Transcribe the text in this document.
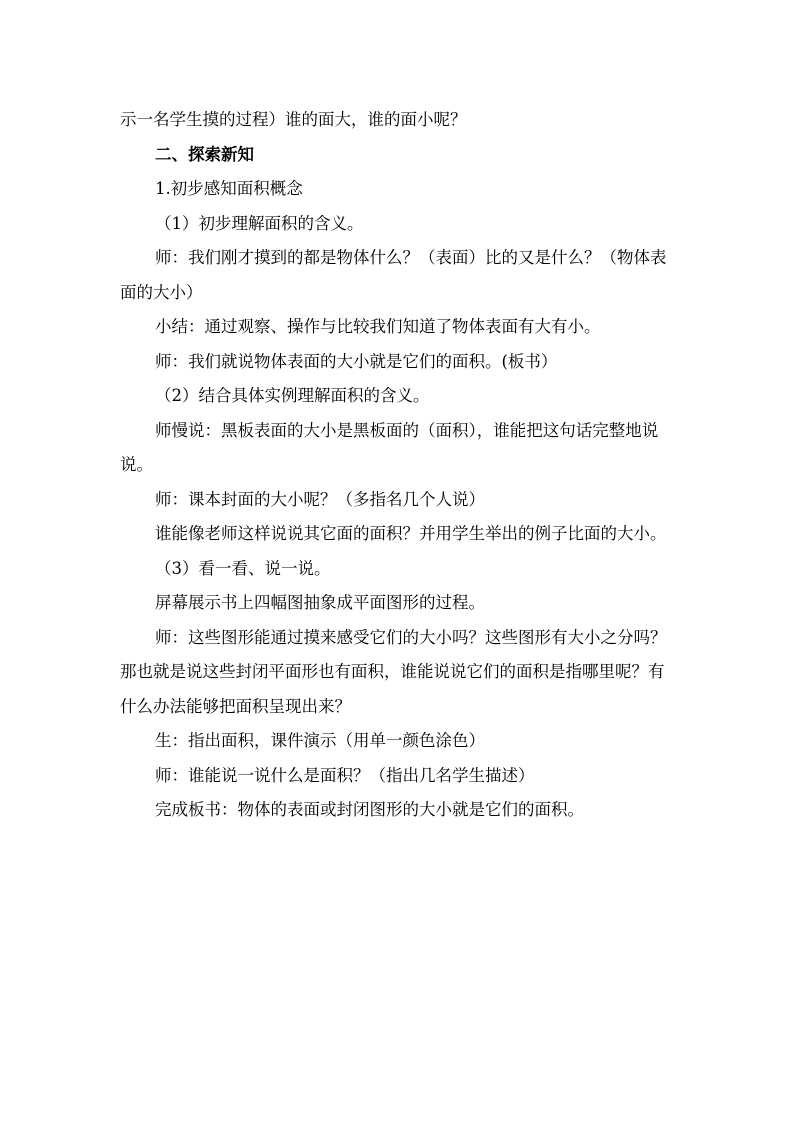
示一名学生摸的过程）谁的面大，谁的面小呢？

二、探索新知

1.初步感知面积概念

（1）初步理解面积的含义。

师：我们刚才摸到的都是物体什么？（表面）比的又是什么？（物体表面的大小）

小结：通过观察、操作与比较我们知道了物体表面有大有小。

师：我们就说物体表面的大小就是它们的面积。(板书）

（2）结合具体实例理解面积的含义。

师慢说：黑板表面的大小是黑板面的（面积），谁能把这句话完整地说说。

师：课本封面的大小呢？（多指名几个人说）

谁能像老师这样说说其它面的面积？并用学生举出的例子比面的大小。

（3）看一看、说一说。

屏幕展示书上四幅图抽象成平面图形的过程。

师：这些图形能通过摸来感受它们的大小吗？这些图形有大小之分吗？那也就是说这些封闭平面形也有面积，谁能说说它们的面积是指哪里呢？有什么办法能够把面积呈现出来？

生：指出面积，课件演示（用单一颜色涂色）

师：谁能说一说什么是面积？（指出几名学生描述）

完成板书：物体的表面或封闭图形的大小就是它们的面积。
